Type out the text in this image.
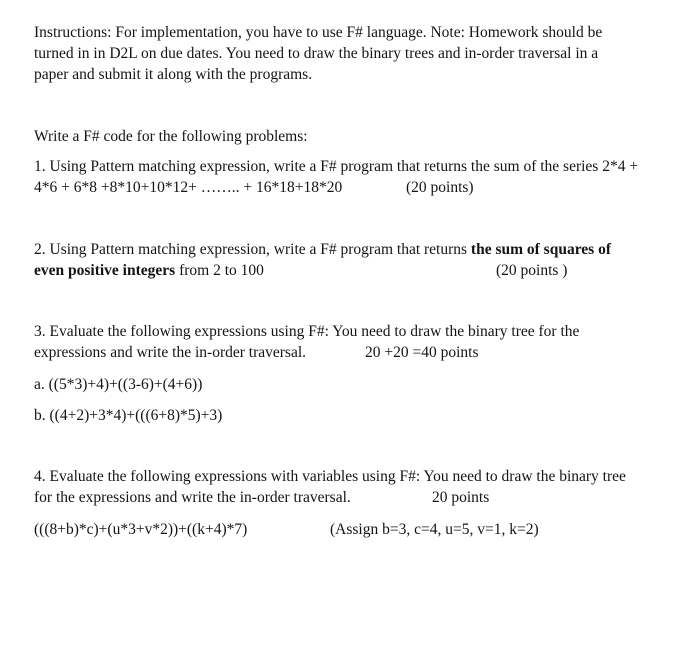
Instructions: For implementation, you have to use F# language. Note: Homework should be
turned in in D2L on due dates. You need to draw the binary trees and in-order traversal in a
paper and submit it along with the programs.
Write a F# code for the following problems:
1. Using Pattern matching expression, write a F# program that returns the sum of the series 2*4 +
4*6 + 6*8 +8*10+10*12+ …….. + 16*18+18*20	(20 points)
2. Using Pattern matching expression, write a F# program that returns the sum of squares of
even positive integers from 2 to 100	(20 points )
3. Evaluate the following expressions using F#: You need to draw the binary tree for the
expressions and write the in-order traversal.	20 +20 =40 points
a. ((5*3)+4)+((3-6)+(4+6))
b. ((4+2)+3*4)+(((6+8)*5)+3)
4. Evaluate the following expressions with variables using F#: You need to draw the binary tree
for the expressions and write the in-order traversal.	20 points
(((8+b)*c)+(u*3+v*2))+((k+4)*7)	(Assign b=3, c=4, u=5, v=1, k=2)
